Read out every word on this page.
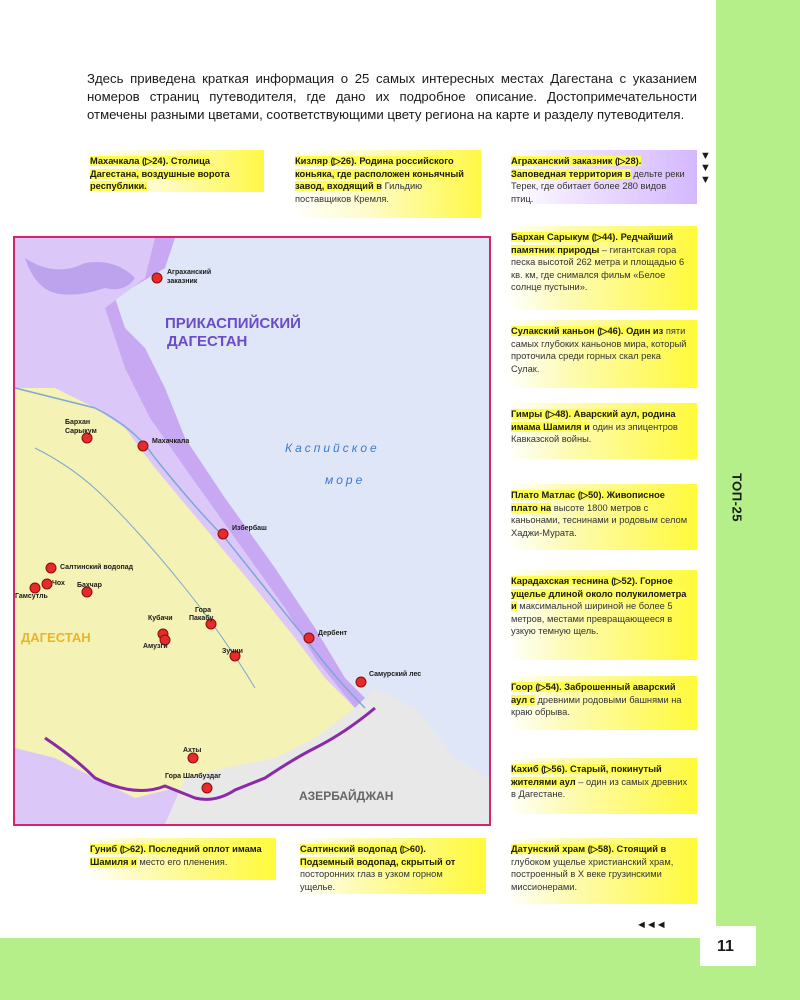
11
ТОП-25

Здесь приведена краткая информация о 25 самых интересных местах Дагестана с указанием номеров страниц путеводителя, где дано их подробное описание. Достопримечательности отмечены разными цветами, соответствующими цвету региона на карте и разделу путеводителя.

Махачкала (▷24). Столица Дагестана, воздушные ворота республики.
Кизляр (▷26). Родина российского коньяка, где расположен коньячный завод, входящий в Гильдию поставщиков Кремля.
Аграханский заказник (▷28). Заповедная территория в дельте реки Терек, где обитает более 280 видов птиц.
▼
▼
▼
Бархан Сарыкум (▷44). Редчайший памятник природы – гигантская гора песка высотой 262 метра и площадью 6 кв. км, где снимался фильм «Белое солнце пустыни».
Сулакский каньон (▷46). Один из пяти самых глубоких каньонов мира, который проточила среди горных скал река Сулак.
Гимры (▷48). Аварский аул, родина имама Шамиля и один из эпицентров Кавказской войны.
Плато Матлас (▷50). Живописное плато на высоте 1800 метров с каньонами, теснинами и родовым селом Хаджи-Мурата.
Карадахская теснина (▷52). Горное ущелье длиной около полукилометра и максимальной шириной не более 5 метров, местами превращающееся в узкую темную щель.
Гоор (▷54). Заброшенный аварский аул с древними родовыми башнями на краю обрыва.
Кахиб (▷56). Старый, покинутый жителями аул – один из самых древних в Дагестане.
Датунский храм (▷58). Стоящий в глубоком ущелье христианский храм, построенный в X веке грузинскими миссионерами.
Гуниб (▷62). Последний оплот имама Шамиля и место его пленения.
Салтинский водопад (▷60). Подземный водопад, скрытый от посторонних глаз в узком горном ущелье.
◄◄◄
ПРИКАСПИЙСКИЙ
ДАГЕСТАН
ДАГЕСТАН
Каспийское
море
АЗЕРБАЙДЖАН
Аграханский
заказник
Махачкала
Бархан
Сарыкум
Избербаш
Салтинский водопад
Чох
Гамсутль
Бахчар
Гора
Пакабу
Кубачи
Амузги
Дербент
Самурский лес
Зучни
Ахты
Гора Шалбуздаг
